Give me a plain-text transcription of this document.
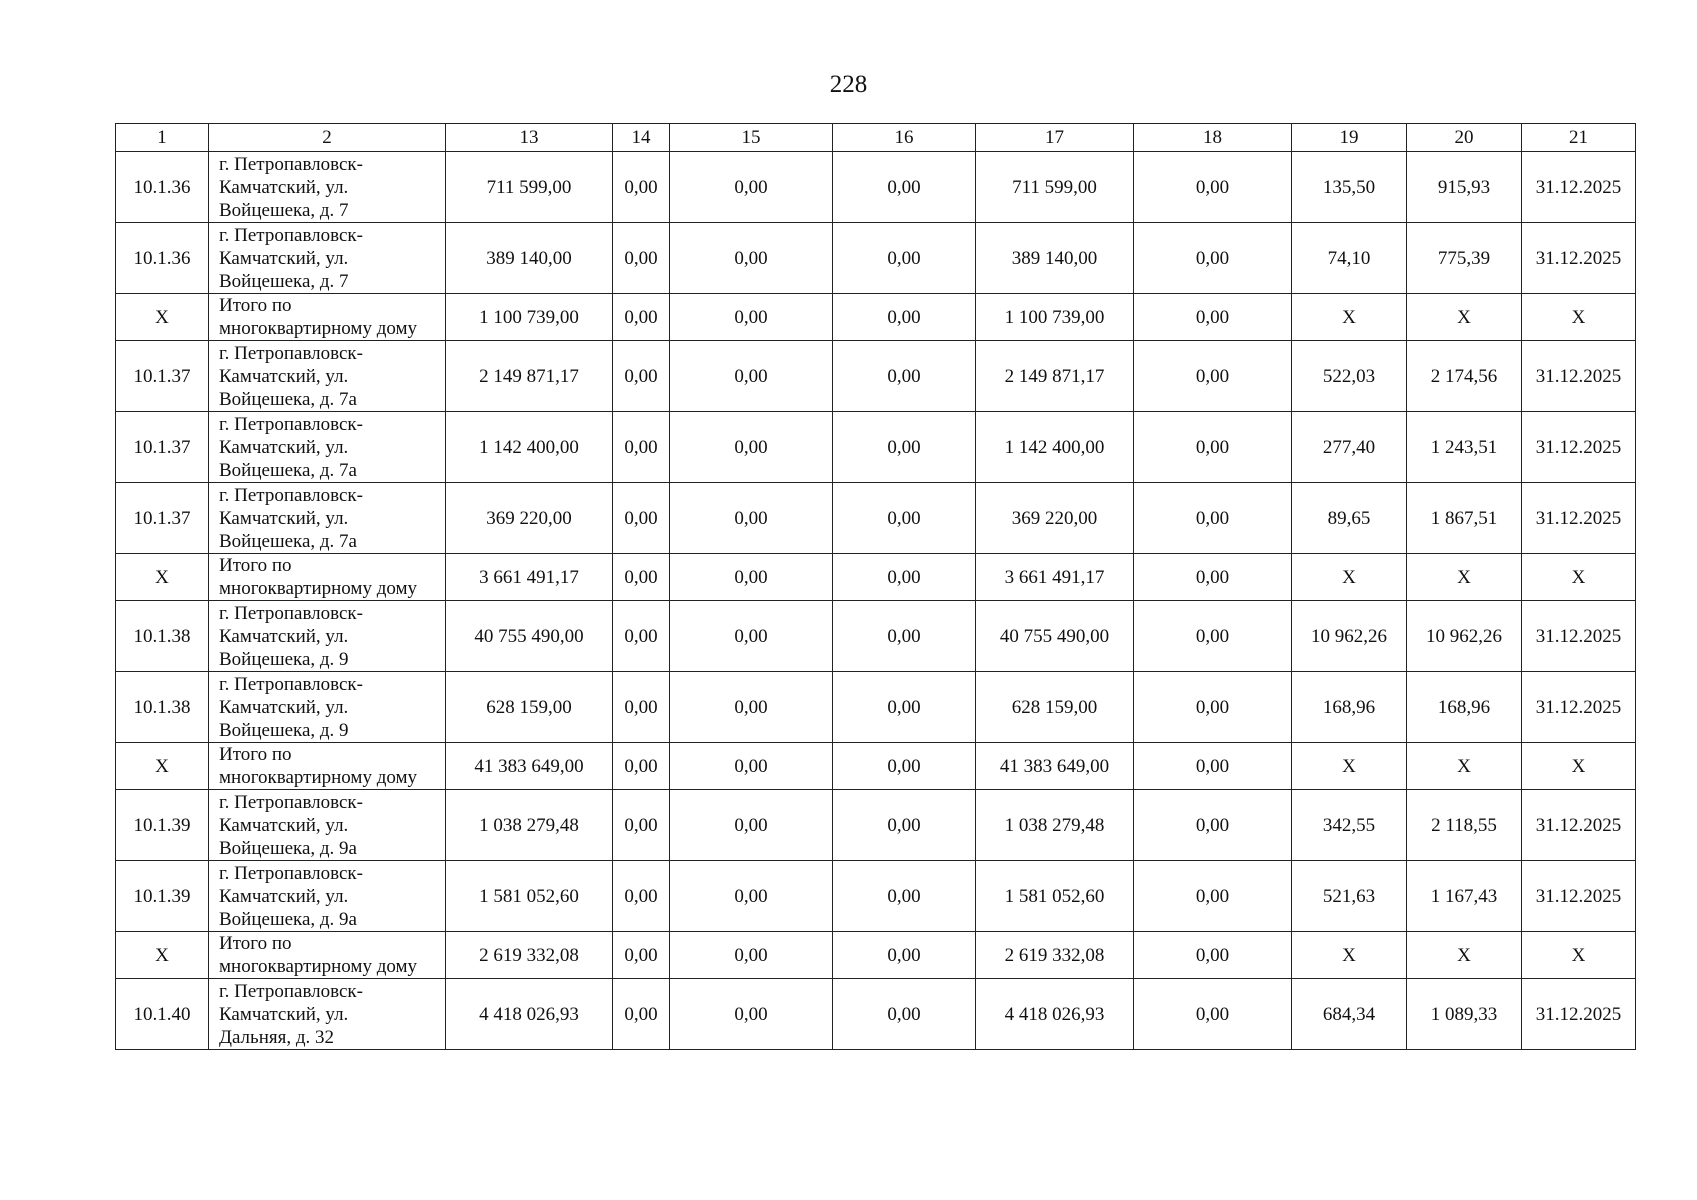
228
1	2	13	14	15	16	17	18	19	20	21
10.1.36	г. Петропавловск-
Камчатский, ул.
Войцешека, д. 7	711 599,00	0,00	0,00	0,00	711 599,00	0,00	135,50	915,93	31.12.2025
10.1.36	г. Петропавловск-
Камчатский, ул.
Войцешека, д. 7	389 140,00	0,00	0,00	0,00	389 140,00	0,00	74,10	775,39	31.12.2025
X	Итого по
многоквартирному дому	1 100 739,00	0,00	0,00	0,00	1 100 739,00	0,00	X	X	X
10.1.37	г. Петропавловск-
Камчатский, ул.
Войцешека, д. 7а	2 149 871,17	0,00	0,00	0,00	2 149 871,17	0,00	522,03	2 174,56	31.12.2025
10.1.37	г. Петропавловск-
Камчатский, ул.
Войцешека, д. 7а	1 142 400,00	0,00	0,00	0,00	1 142 400,00	0,00	277,40	1 243,51	31.12.2025
10.1.37	г. Петропавловск-
Камчатский, ул.
Войцешека, д. 7а	369 220,00	0,00	0,00	0,00	369 220,00	0,00	89,65	1 867,51	31.12.2025
X	Итого по
многоквартирному дому	3 661 491,17	0,00	0,00	0,00	3 661 491,17	0,00	X	X	X
10.1.38	г. Петропавловск-
Камчатский, ул.
Войцешека, д. 9	40 755 490,00	0,00	0,00	0,00	40 755 490,00	0,00	10 962,26	10 962,26	31.12.2025
10.1.38	г. Петропавловск-
Камчатский, ул.
Войцешека, д. 9	628 159,00	0,00	0,00	0,00	628 159,00	0,00	168,96	168,96	31.12.2025
X	Итого по
многоквартирному дому	41 383 649,00	0,00	0,00	0,00	41 383 649,00	0,00	X	X	X
10.1.39	г. Петропавловск-
Камчатский, ул.
Войцешека, д. 9а	1 038 279,48	0,00	0,00	0,00	1 038 279,48	0,00	342,55	2 118,55	31.12.2025
10.1.39	г. Петропавловск-
Камчатский, ул.
Войцешека, д. 9а	1 581 052,60	0,00	0,00	0,00	1 581 052,60	0,00	521,63	1 167,43	31.12.2025
X	Итого по
многоквартирному дому	2 619 332,08	0,00	0,00	0,00	2 619 332,08	0,00	X	X	X
10.1.40	г. Петропавловск-
Камчатский, ул.
Дальняя, д. 32	4 418 026,93	0,00	0,00	0,00	4 418 026,93	0,00	684,34	1 089,33	31.12.2025
